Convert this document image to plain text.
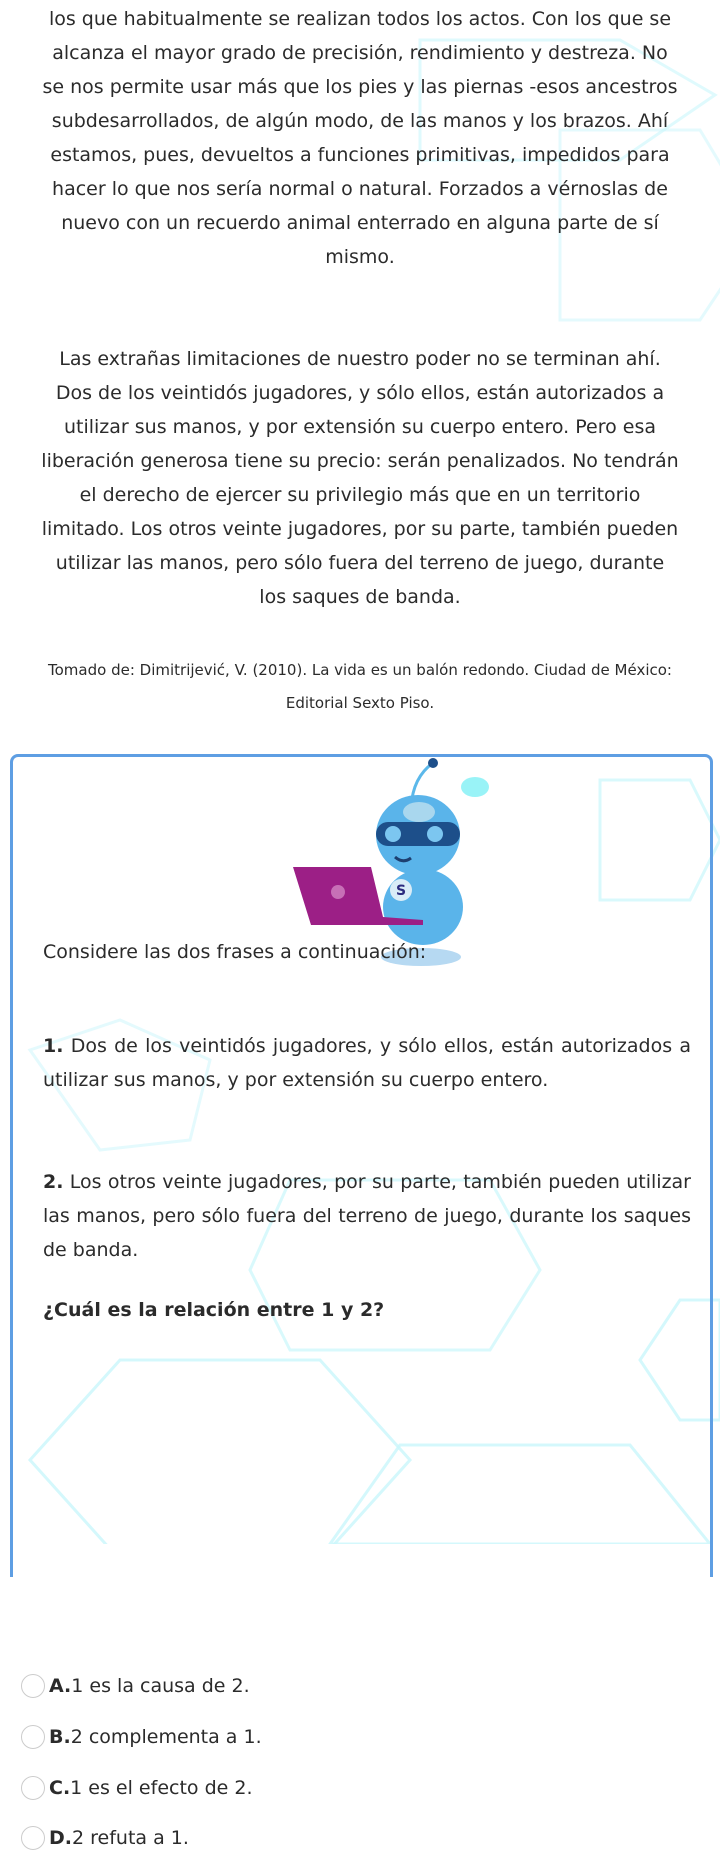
los que habitualmente se realizan todos los actos. Con los que se alcanza el mayor grado de precisión, rendimiento y destreza. No se nos permite usar más que los pies y las piernas -esos ancestros subdesarrollados, de algún modo, de las manos y los brazos. Ahí estamos, pues, devueltos a funciones primitivas, impedidos para hacer lo que nos sería normal o natural. Forzados a vérnoslas de nuevo con un recuerdo animal enterrado en alguna parte de sí mismo.
Las extrañas limitaciones de nuestro poder no se terminan ahí. Dos de los veintidós jugadores, y sólo ellos, están autorizados a utilizar sus manos, y por extensión su cuerpo entero. Pero esa liberación generosa tiene su precio: serán penalizados. No tendrán el derecho de ejercer su privilegio más que en un territorio limitado. Los otros veinte jugadores, por su parte, también pueden utilizar las manos, pero sólo fuera del terreno de juego, durante los saques de banda.
Tomado de: Dimitrijević, V. (2010). La vida es un balón redondo. Ciudad de México: Editorial Sexto Piso.
S
Considere las dos frases a continuación:
1. Dos de los veintidós jugadores, y sólo ellos, están autorizados a utilizar sus manos, y por extensión su cuerpo entero.
2. Los otros veinte jugadores, por su parte, también pueden utilizar las manos, pero sólo fuera del terreno de juego, durante los saques de banda.
¿Cuál es la relación entre 1 y 2?
A. 1 es la causa de 2.
B. 2 complementa a 1.
C. 1 es el efecto de 2.
D. 2 refuta a 1.
